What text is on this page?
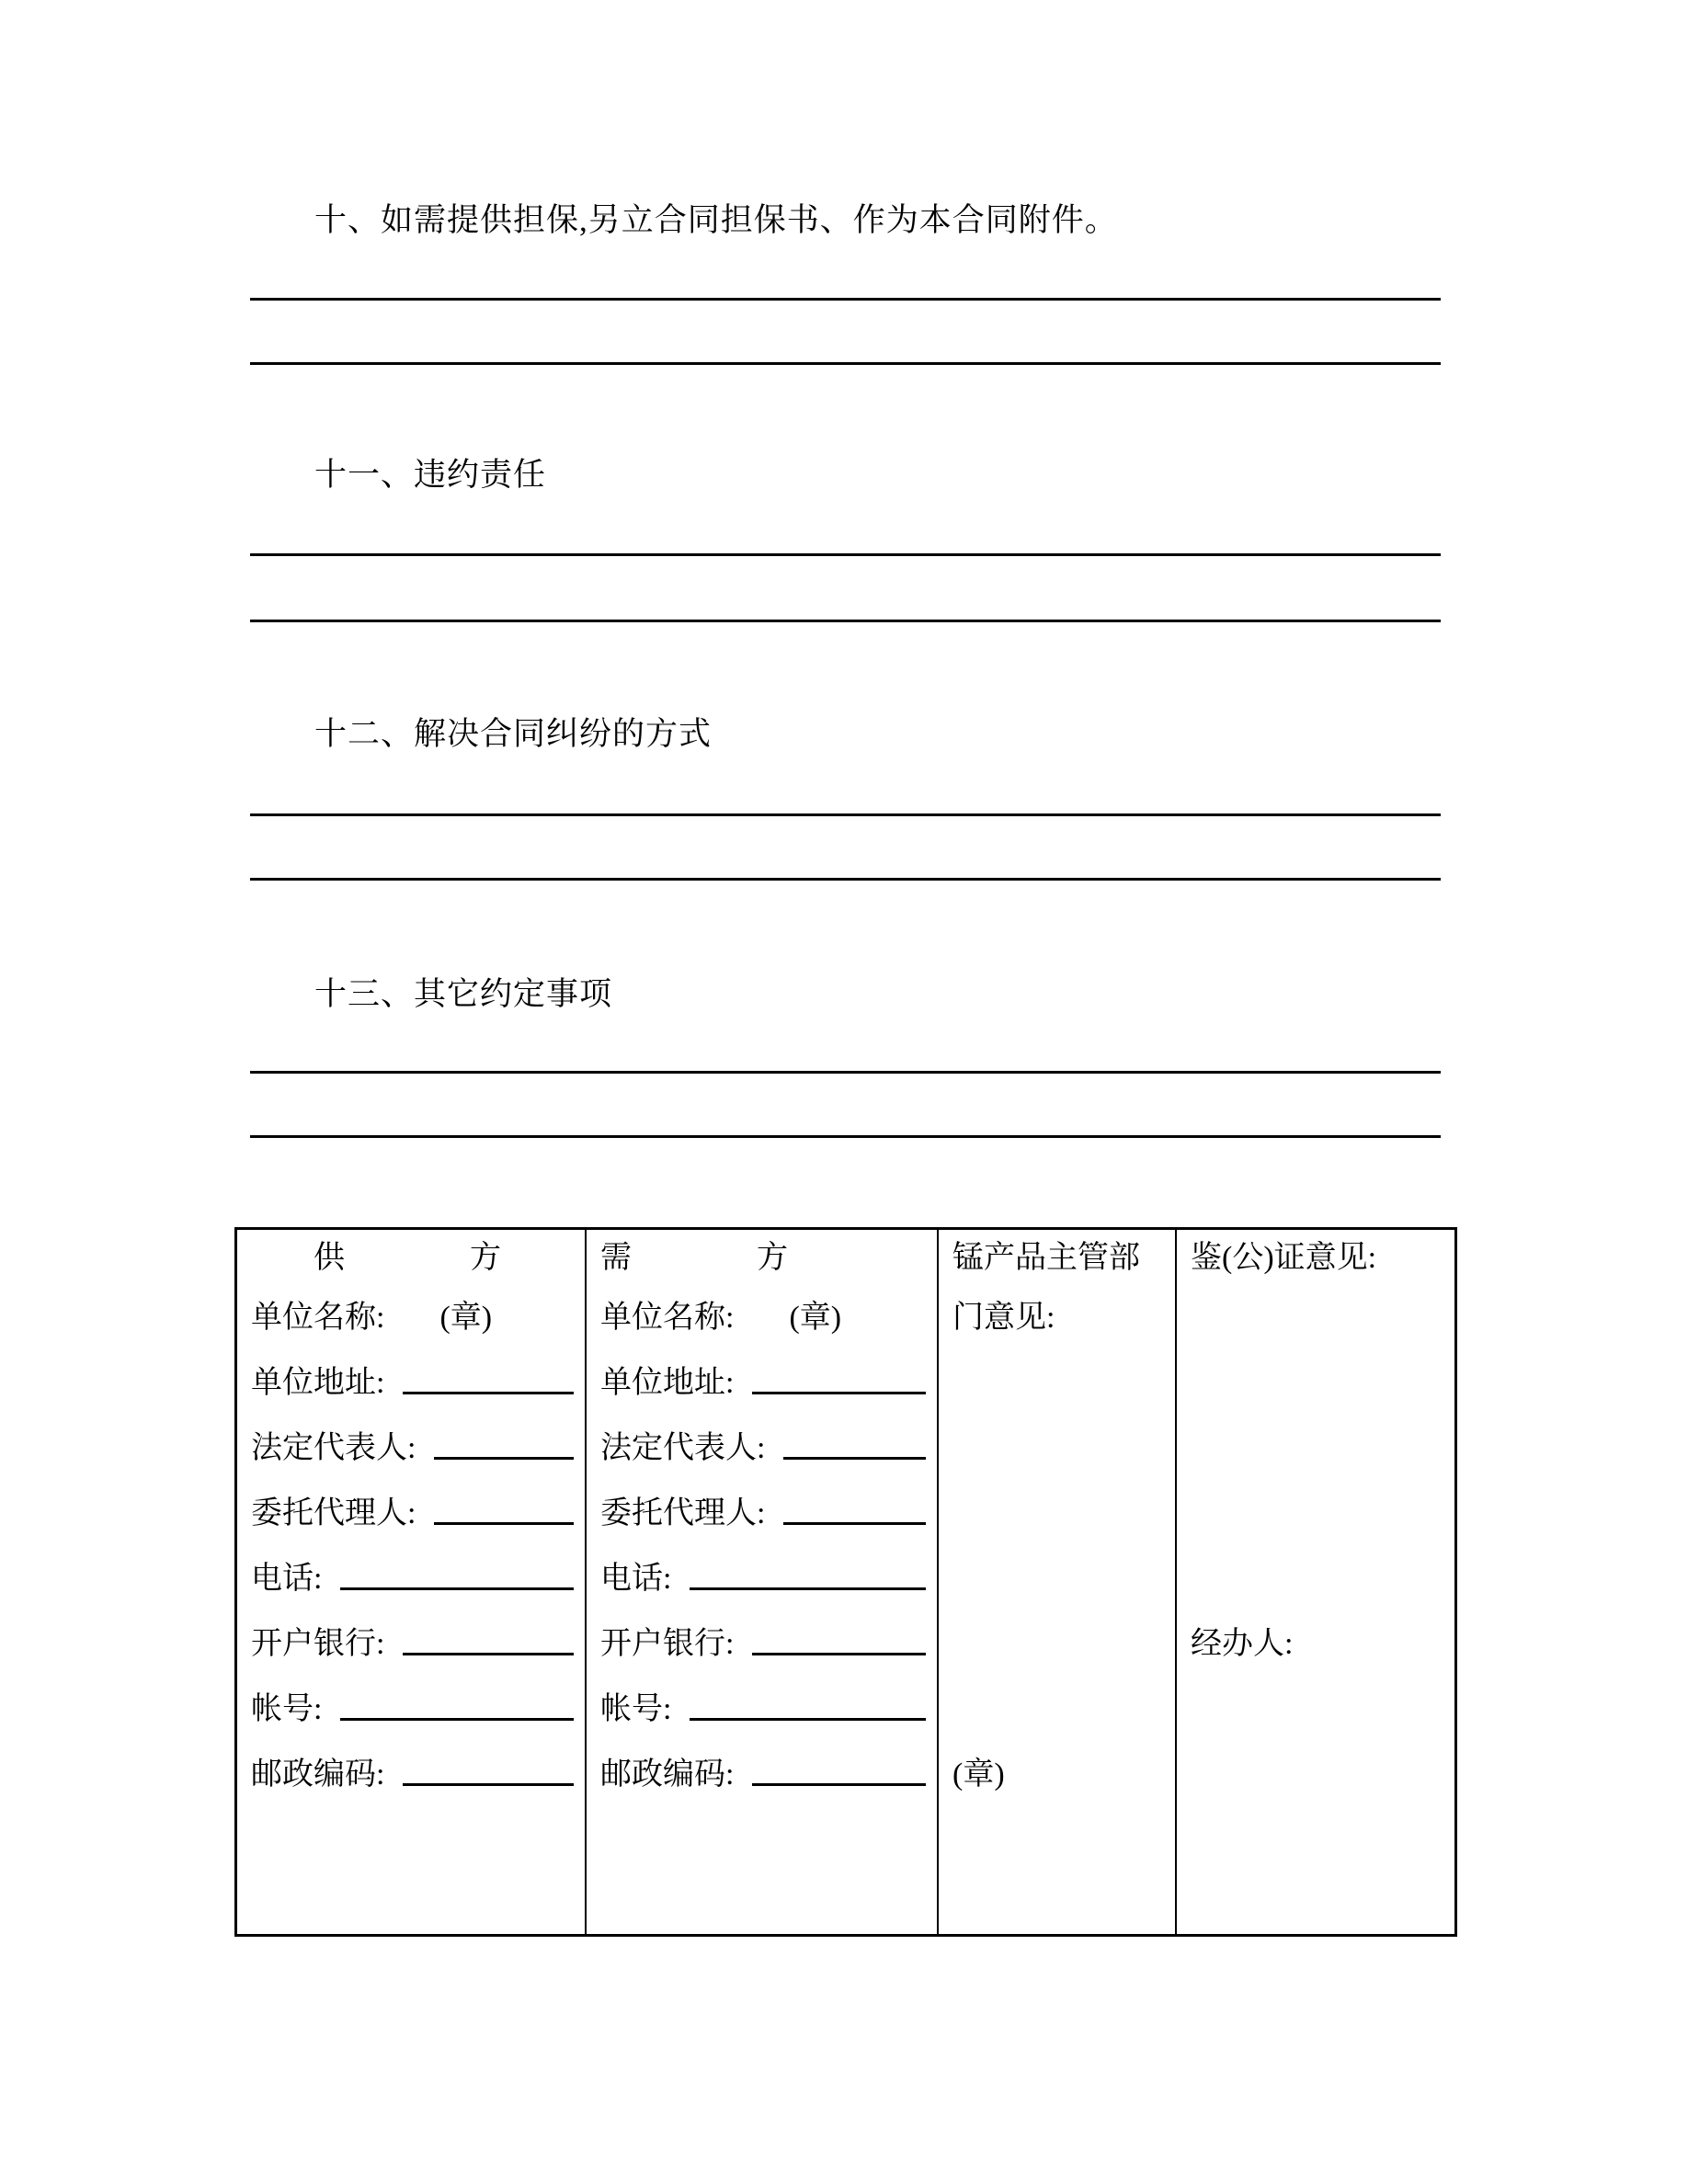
十、如需提供担保,另立合同担保书、作为本合同附件。
十一、违约责任
十二、解决合同纠纷的方式
十三、其它约定事项
供　　　　方
单位名称: (章)
单位地址:
法定代表人:
委托代理人:
电话:
开户银行:
帐号:
邮政编码:
需　　　　方
单位名称: (章)
单位地址:
法定代表人:
委托代理人:
电话:
开户银行:
帐号:
邮政编码:
锰产品主管部
门意见:
(章)
鉴(公)证意见:
经办人:
